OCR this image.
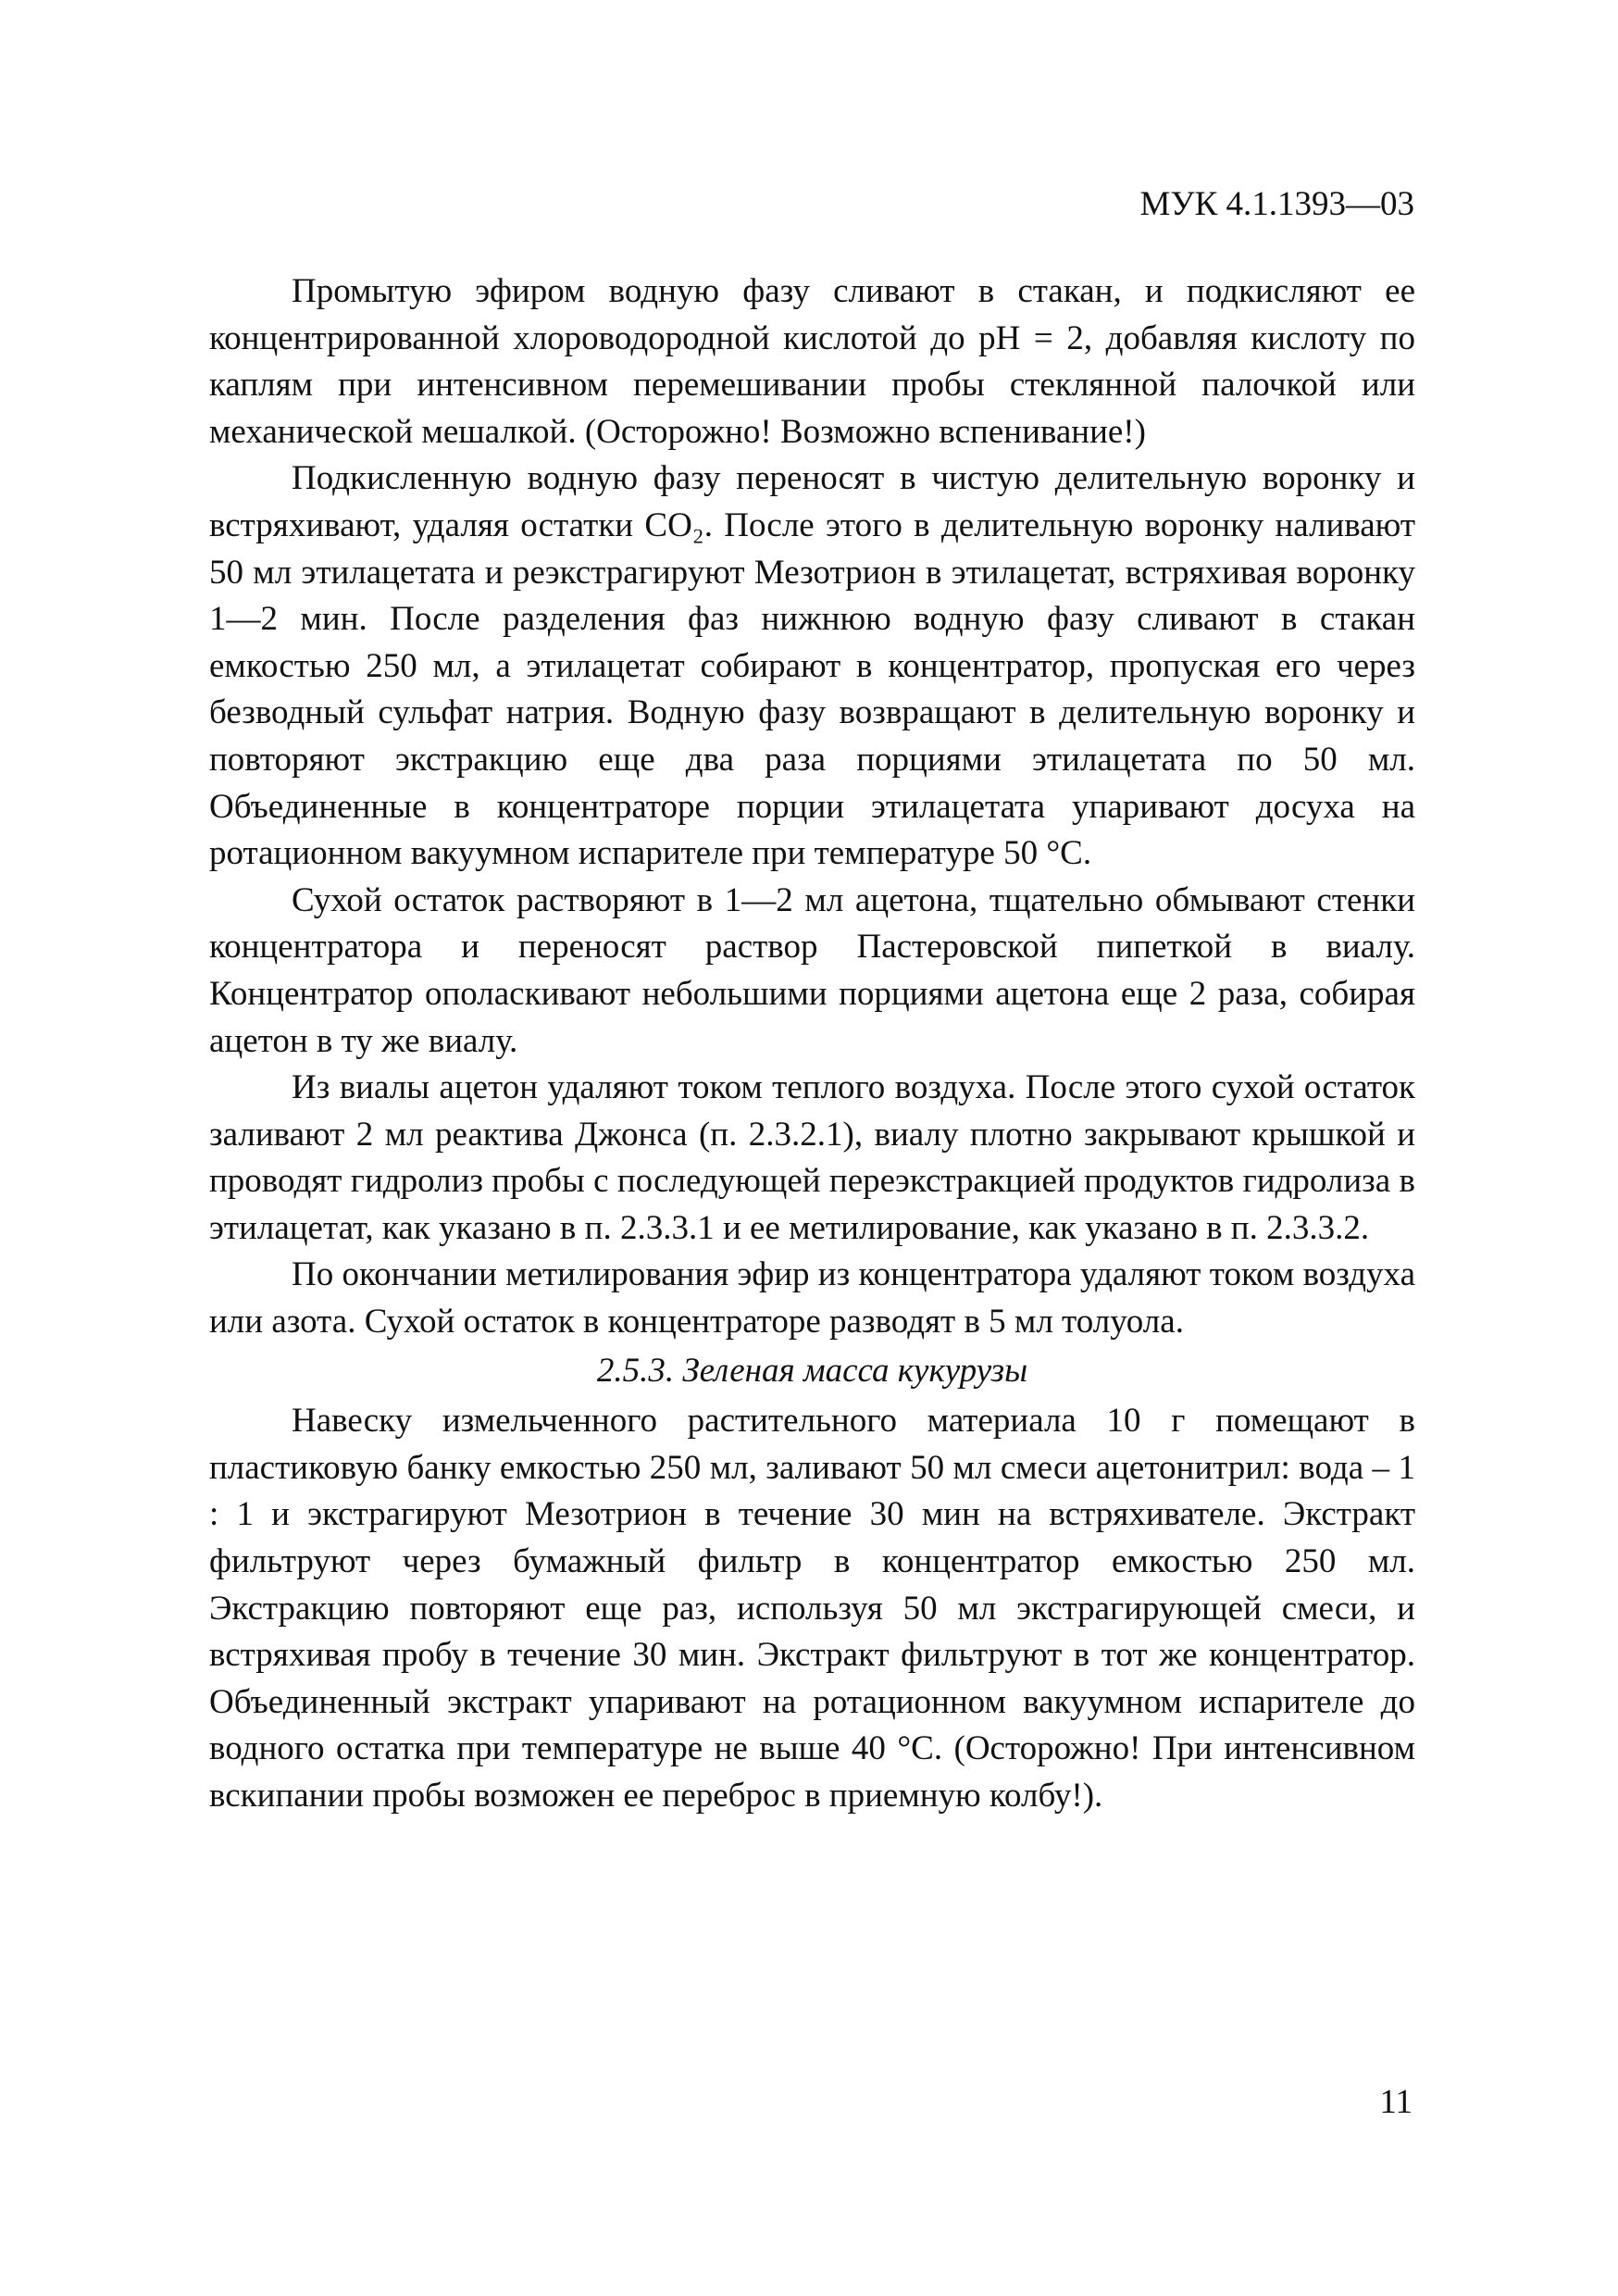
МУК 4.1.1393—03

Промытую эфиром водную фазу сливают в стакан, и подкисляют ее концентрированной хлороводородной кислотой до pH = 2, добавляя кислоту по каплям при интенсивном перемешивании пробы стеклянной палочкой или механической мешалкой. (Осторожно! Возможно вспенивание!)

Подкисленную водную фазу переносят в чистую делительную воронку и встряхивают, удаляя остатки CO₂. После этого в делительную воронку наливают 50 мл этилацетата и реэкстрагируют Мезотрион в этилацетат, встряхивая воронку 1—2 мин. После разделения фаз нижнюю водную фазу сливают в стакан емкостью 250 мл, а этилацетат собирают в концентратор, пропуская его через безводный сульфат натрия. Водную фазу возвращают в делительную воронку и повторяют экстракцию еще два раза порциями этилацетата по 50 мл. Объединенные в концентраторе порции этилацетата упаривают досуха на ротационном вакуумном испарителе при температуре 50 °С.

Сухой остаток растворяют в 1—2 мл ацетона, тщательно обмывают стенки концентратора и переносят раствор Пастеровской пипеткой в виалу. Концентратор ополаскивают небольшими порциями ацетона еще 2 раза, собирая ацетон в ту же виалу.

Из виалы ацетон удаляют током теплого воздуха. После этого сухой остаток заливают 2 мл реактива Джонса (п. 2.3.2.1), виалу плотно закрывают крышкой и проводят гидролиз пробы с последующей переэкстракцией продуктов гидролиза в этилацетат, как указано в п. 2.3.3.1 и ее метилирование, как указано в п. 2.3.3.2.

По окончании метилирования эфир из концентратора удаляют током воздуха или азота. Сухой остаток в концентраторе разводят в 5 мл толуола.

2.5.3. Зеленая масса кукурузы

Навеску измельченного растительного материала 10 г помещают в пластиковую банку емкостью 250 мл, заливают 50 мл смеси ацетонитрил: вода – 1 : 1 и экстрагируют Мезотрион в течение 30 мин на встряхивателе. Экстракт фильтруют через бумажный фильтр в концентратор емкостью 250 мл. Экстракцию повторяют еще раз, используя 50 мл экстрагирующей смеси, и встряхивая пробу в течение 30 мин. Экстракт фильтруют в тот же концентратор. Объединенный экстракт упаривают на ротационном вакуумном испарителе до водного остатка при температуре не выше 40 °С. (Осторожно! При интенсивном вскипании пробы возможен ее переброс в приемную колбу!).

11
